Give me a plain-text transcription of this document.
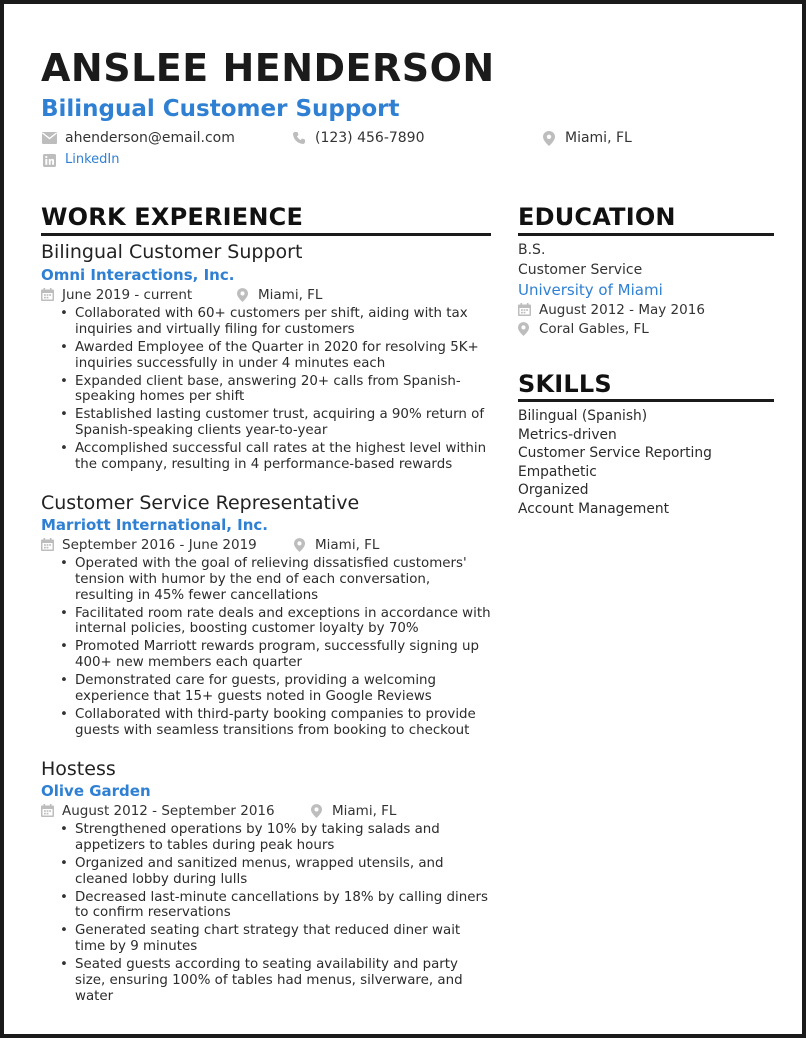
ANSLEE HENDERSON
Bilingual Customer Support
ahenderson@email.com	(123) 456-7890	Miami, FL
LinkedIn
WORK EXPERIENCE
Bilingual Customer Support
Omni Interactions, Inc.
June 2019 - current	Miami, FL
• Collaborated with 60+ customers per shift, aiding with tax inquiries and virtually filing for customers
• Awarded Employee of the Quarter in 2020 for resolving 5K+ inquiries successfully in under 4 minutes each
• Expanded client base, answering 20+ calls from Spanish-speaking homes per shift
• Established lasting customer trust, acquiring a 90% return of Spanish-speaking clients year-to-year
• Accomplished successful call rates at the highest level within the company, resulting in 4 performance-based rewards
Customer Service Representative
Marriott International, Inc.
September 2016 - June 2019	Miami, FL
• Operated with the goal of relieving dissatisfied customers' tension with humor by the end of each conversation, resulting in 45% fewer cancellations
• Facilitated room rate deals and exceptions in accordance with internal policies, boosting customer loyalty by 70%
• Promoted Marriott rewards program, successfully signing up 400+ new members each quarter
• Demonstrated care for guests, providing a welcoming experience that 15+ guests noted in Google Reviews
• Collaborated with third-party booking companies to provide guests with seamless transitions from booking to checkout
Hostess
Olive Garden
August 2012 - September 2016	Miami, FL
• Strengthened operations by 10% by taking salads and appetizers to tables during peak hours
• Organized and sanitized menus, wrapped utensils, and cleaned lobby during lulls
• Decreased last-minute cancellations by 18% by calling diners to confirm reservations
• Generated seating chart strategy that reduced diner wait time by 9 minutes
• Seated guests according to seating availability and party size, ensuring 100% of tables had menus, silverware, and water
EDUCATION
B.S.
Customer Service
University of Miami
August 2012 - May 2016
Coral Gables, FL
SKILLS
Bilingual (Spanish)
Metrics-driven
Customer Service Reporting
Empathetic
Organized
Account Management
